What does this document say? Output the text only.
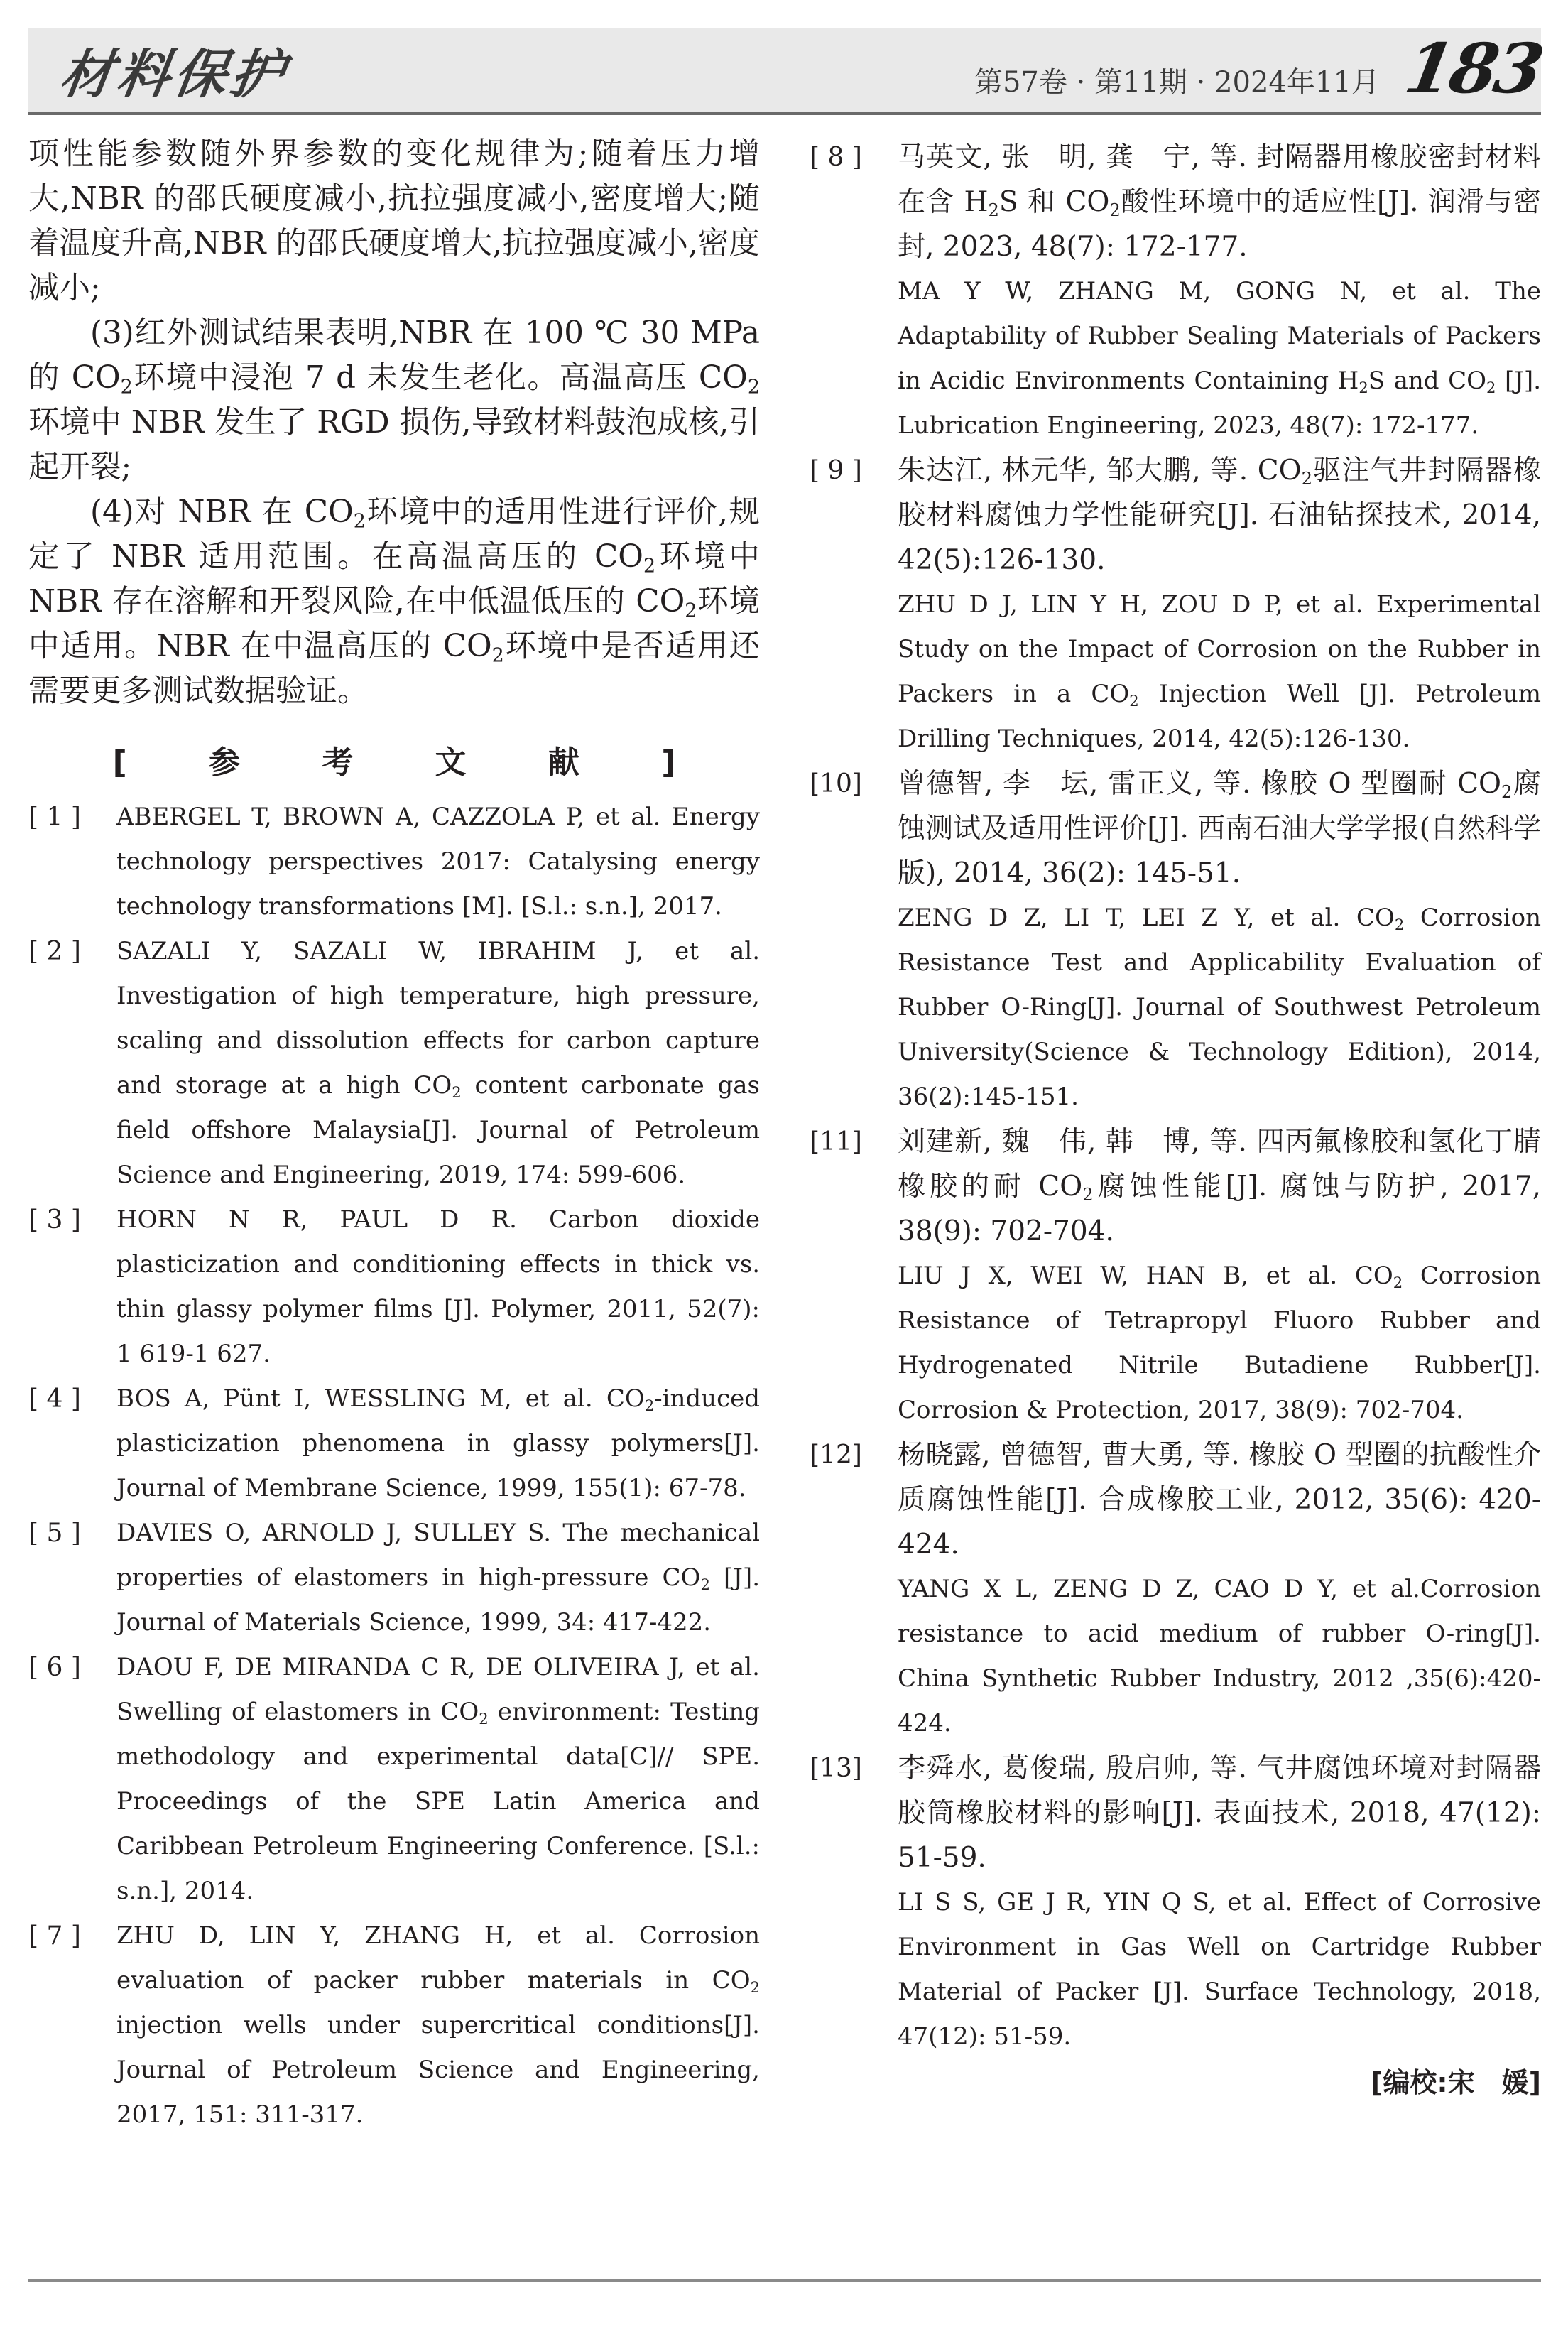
材料保护	第57卷 · 第11期 · 2024年11月 183

项性能参数随外界参数的变化规律为;随着压力增大,NBR 的邵氏硬度减小,抗拉强度减小,密度增大;随着温度升高,NBR 的邵氏硬度增大,抗拉强度减小,密度减小;

(3)红外测试结果表明,NBR 在 100 ℃ 30 MPa 的 $CO_2$环境中浸泡 7 d 未发生老化。高温高压 $CO_2$环境中 NBR 发生了 RGD 损伤,导致材料鼓泡成核,引起开裂;

(4)对 NBR 在 $CO_2$环境中的适用性进行评价,规定了 NBR 适用范围。在高温高压的 $CO_2$环境中 NBR 存在溶解和开裂风险,在中低温低压的 $CO_2$环境中适用。NBR 在中温高压的 $CO_2$环境中是否适用还需要更多测试数据验证。

[ 参 考 文 献 ]
[ 1 ] ABERGEL T, BROWN A, CAZZOLA P, et al. Energy technology perspectives 2017: Catalysing energy technology transformations [M]. [S.l.: s.n.], 2017.

[ 2 ] SAZALI Y, SAZALI W, IBRAHIM J, et al. Investigation of high temperature, high pressure, scaling and dissolution effects for carbon capture and storage at a high $CO_2$ content carbonate gas field offshore Malaysia[J]. Journal of Petroleum Science and Engineering, 2019, 174: 599-606.

[ 3 ] HORN N R, PAUL D R. Carbon dioxide plasticization and conditioning effects in thick vs. thin glassy polymer films [J]. Polymer, 2011, 52(7): 1 619-1 627.

[ 4 ] BOS A, Pünt I, WESSLING M, et al. $CO_2$-induced plasticization phenomena in glassy polymers[J]. Journal of Membrane Science, 1999, 155(1): 67-78.

[ 5 ] DAVIES O, ARNOLD J, SULLEY S. The mechanical properties of elastomers in high-pressure $CO_2$ [J]. Journal of Materials Science, 1999, 34: 417-422.

[ 6 ] DAOU F, DE MIRANDA C R, DE OLIVEIRA J, et al. Swelling of elastomers in $CO_2$ environment: Testing methodology and experimental data[C]// SPE. Proceedings of the SPE Latin America and Caribbean Petroleum Engineering Conference. [S.l.: s.n.], 2014.

[ 7 ] ZHU D, LIN Y, ZHANG H, et al. Corrosion evaluation of packer rubber materials in $CO_2$ injection wells under supercritical conditions[J]. Journal of Petroleum Science and Engineering, 2017, 151: 311-317.

[ 8 ] 马英文, 张　明, 龚　宁, 等. 封隔器用橡胶密封材料在含 $H_2S$ 和 $CO_2$酸性环境中的适应性[J]. 润滑与密封, 2023, 48(7): 172-177.

MA Y W, ZHANG M, GONG N, et al. The Adaptability of Rubber Sealing Materials of Packers in Acidic Environments Containing $H_2S$ and $CO_2$ [J]. Lubrication Engineering, 2023, 48(7): 172-177.

[ 9 ] 朱达江, 林元华, 邹大鹏, 等. $CO_2$驱注气井封隔器橡胶材料腐蚀力学性能研究[J]. 石油钻探技术, 2014, 42(5):126-130.

ZHU D J, LIN Y H, ZOU D P, et al. Experimental Study on the Impact of Corrosion on the Rubber in Packers in a $CO_2$ Injection Well [J]. Petroleum Drilling Techniques, 2014, 42(5):126-130.

[10] 曾德智, 李　坛, 雷正义, 等. 橡胶 O 型圈耐 $CO_2$腐蚀测试及适用性评价[J]. 西南石油大学学报(自然科学版), 2014, 36(2): 145-51.

ZENG D Z, LI T, LEI Z Y, et al. $CO_2$ Corrosion Resistance Test and Applicability Evaluation of Rubber O-Ring[J]. Journal of Southwest Petroleum University(Science & Technology Edition), 2014, 36(2):145-151.

[11] 刘建新, 魏　伟, 韩　博, 等. 四丙氟橡胶和氢化丁腈橡胶的耐 $CO_2$腐蚀性能[J]. 腐蚀与防护, 2017, 38(9): 702-704.

LIU J X, WEI W, HAN B, et al. $CO_2$ Corrosion Resistance of Tetrapropyl Fluoro Rubber and Hydrogenated Nitrile Butadiene Rubber[J]. Corrosion & Protection, 2017, 38(9): 702-704.

[12] 杨晓露, 曾德智, 曹大勇, 等. 橡胶 O 型圈的抗酸性介质腐蚀性能[J]. 合成橡胶工业, 2012, 35(6): 420-424.

YANG X L, ZENG D Z, CAO D Y, et al.Corrosion resistance to acid medium of rubber O-ring[J]. China Synthetic Rubber Industry, 2012 ,35(6):420-424.

[13] 李舜水, 葛俊瑞, 殷启帅, 等. 气井腐蚀环境对封隔器胶筒橡胶材料的影响[J]. 表面技术, 2018, 47(12): 51-59.

LI S S, GE J R, YIN Q S, et al. Effect of Corrosive Environment in Gas Well on Cartridge Rubber Material of Packer [J]. Surface Technology, 2018, 47(12): 51-59.

[编校:宋　媛]
